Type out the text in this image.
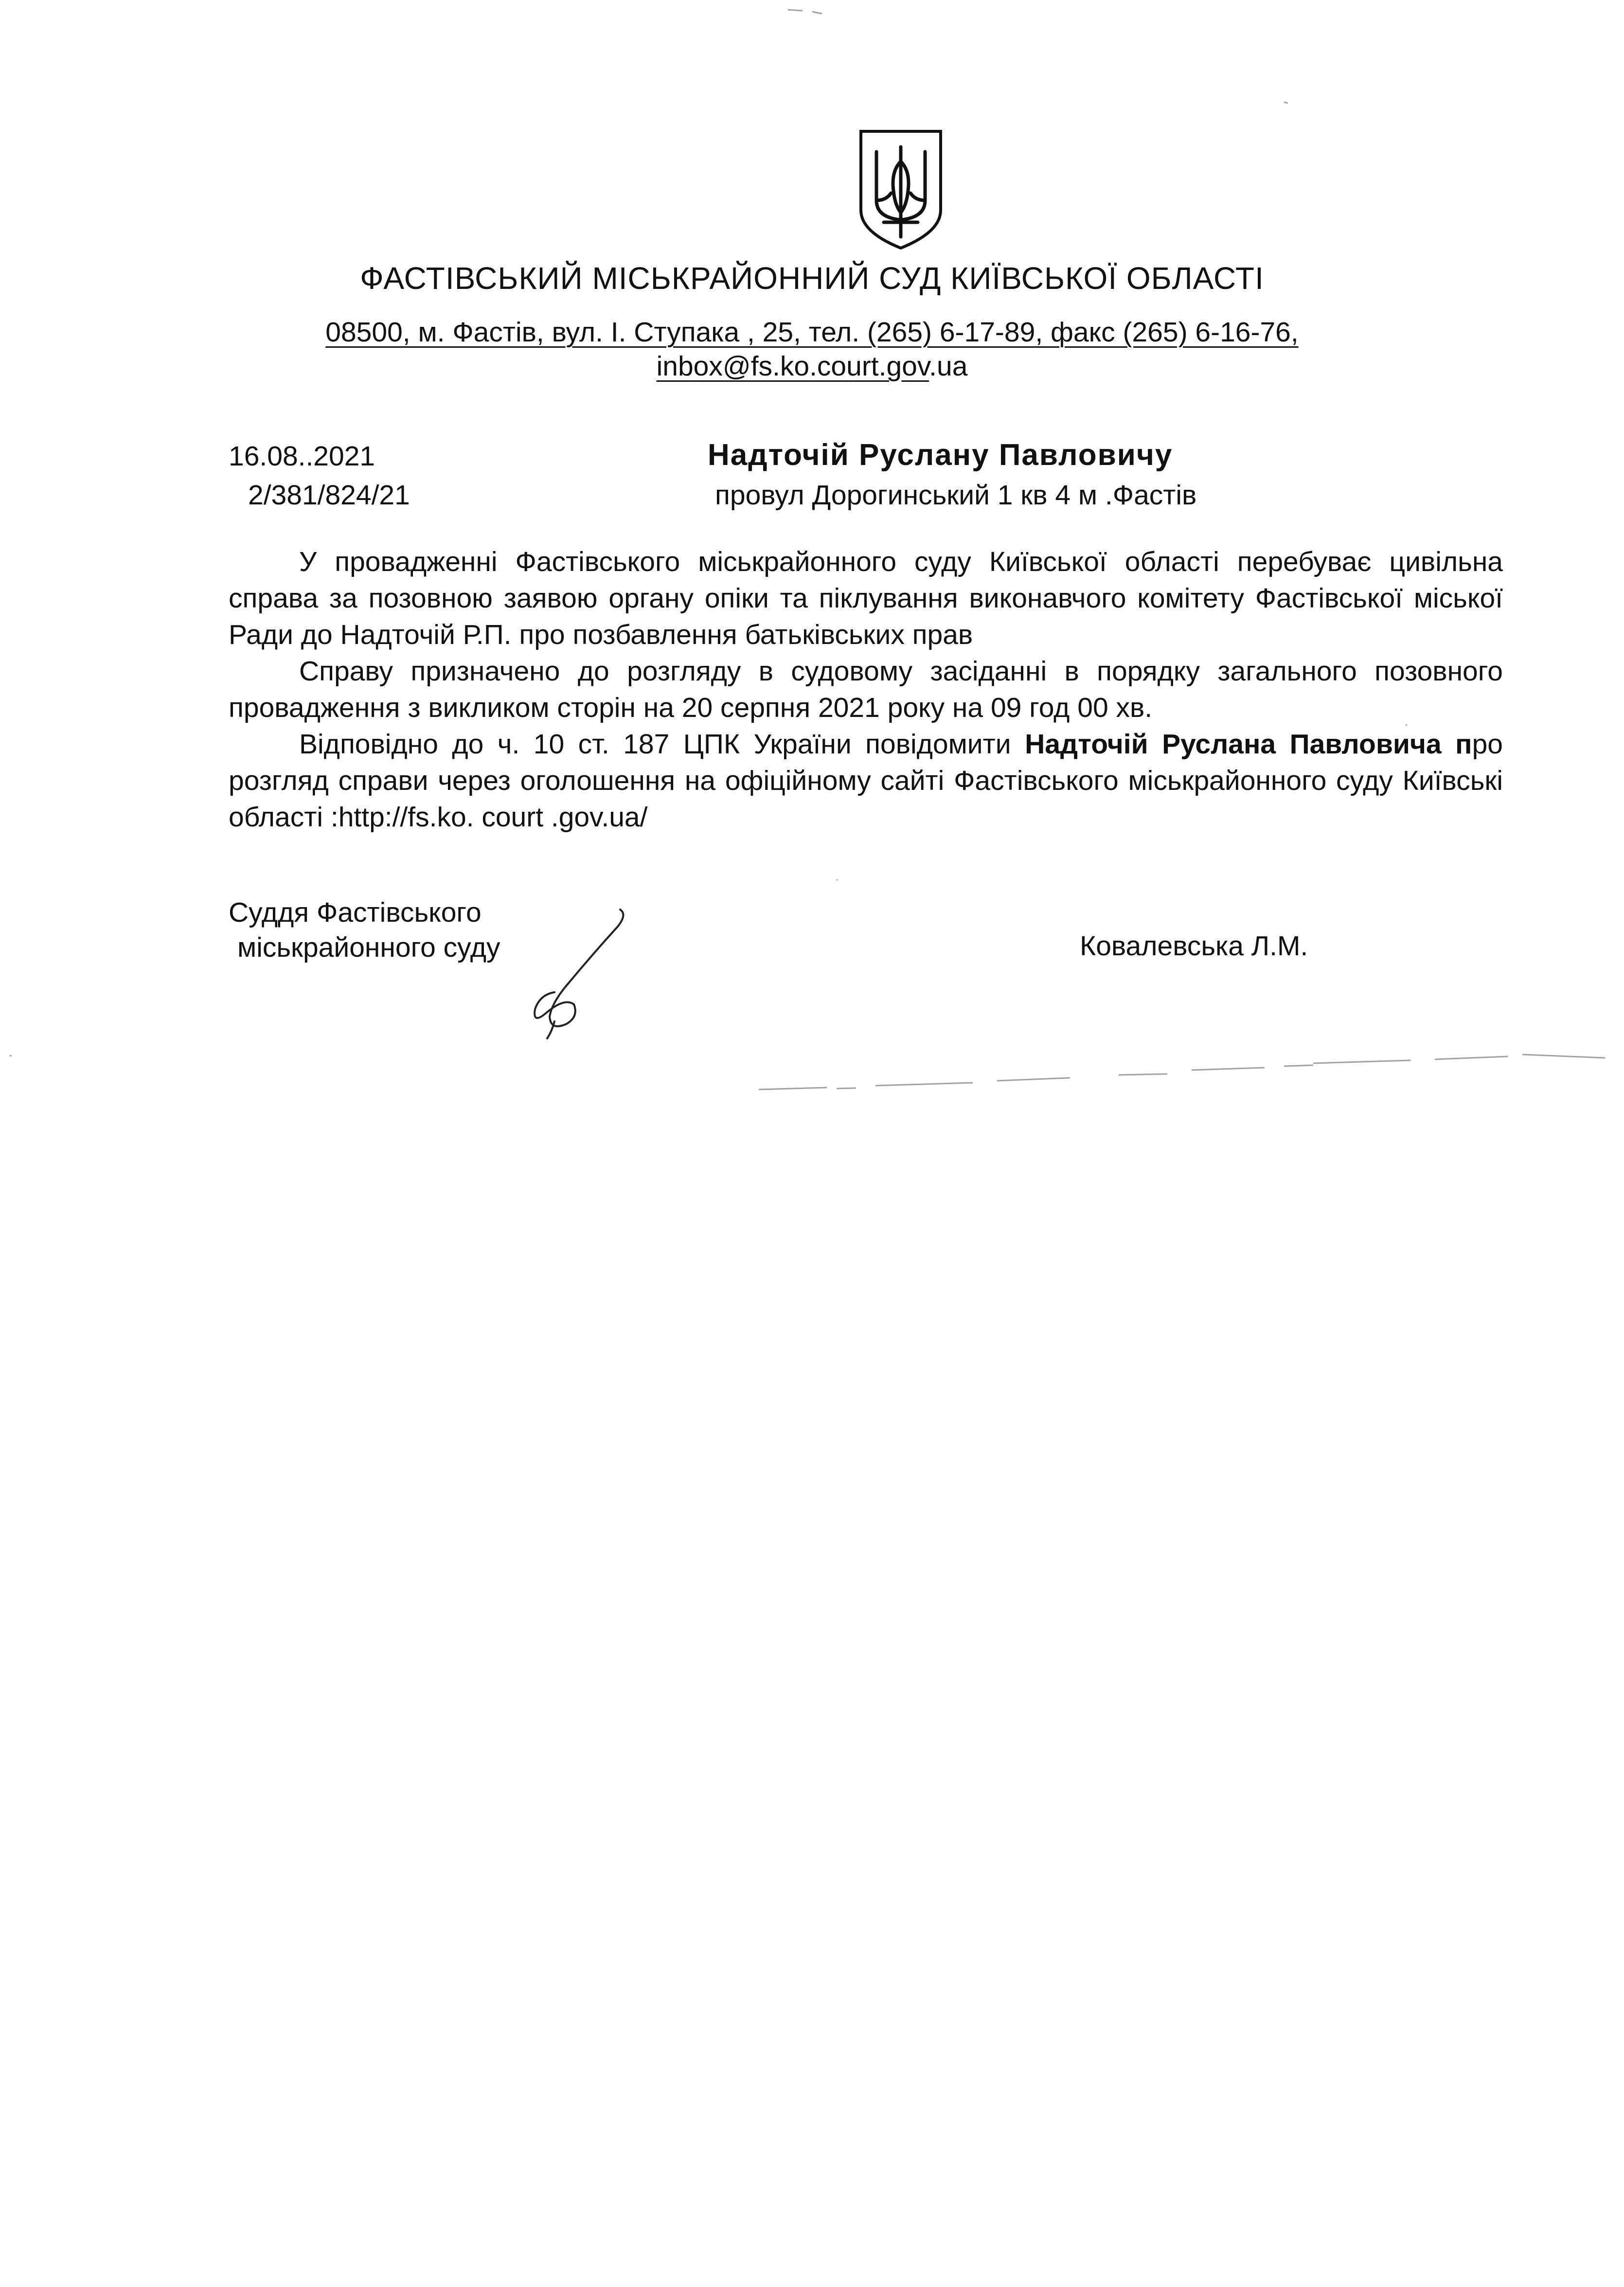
ФАСТІВСЬКИЙ МІСЬКРАЙОННИЙ СУД КИЇВСЬКОЇ ОБЛАСТІ
08500, м. Фастів, вул. І. Ступака , 25, тел. (265) 6-17-89, факс (265) 6-16-76,
inbox@fs.ko.court.gov.ua
16.08..2021
2/381/824/21
Надточій Руслану Павловичу
провул Дорогинський 1 кв 4 м .Фастів

У провадженні Фастівського міськрайонного суду Київської області перебуває цивільна справа за позовною заявою органу опіки та піклування виконавчого комітету Фастівської міської Ради до Надточій Р.П. про позбавлення батьківських прав

Справу призначено до розгляду в судовому засіданні в порядку загального позовного провадження з викликом сторін на 20 серпня 2021 року на 09 год 00 хв.

Відповідно до ч. 10 ст. 187 ЦПК України повідомити Надточій Руслана Павловича про розгляд справи через оголошення на офіційному сайті Фастівського міськрайонного суду Київські області :http://fs.ko. court .gov.ua/

Суддя Фастівського
міськрайонного суду	Ковалевська Л.М.
